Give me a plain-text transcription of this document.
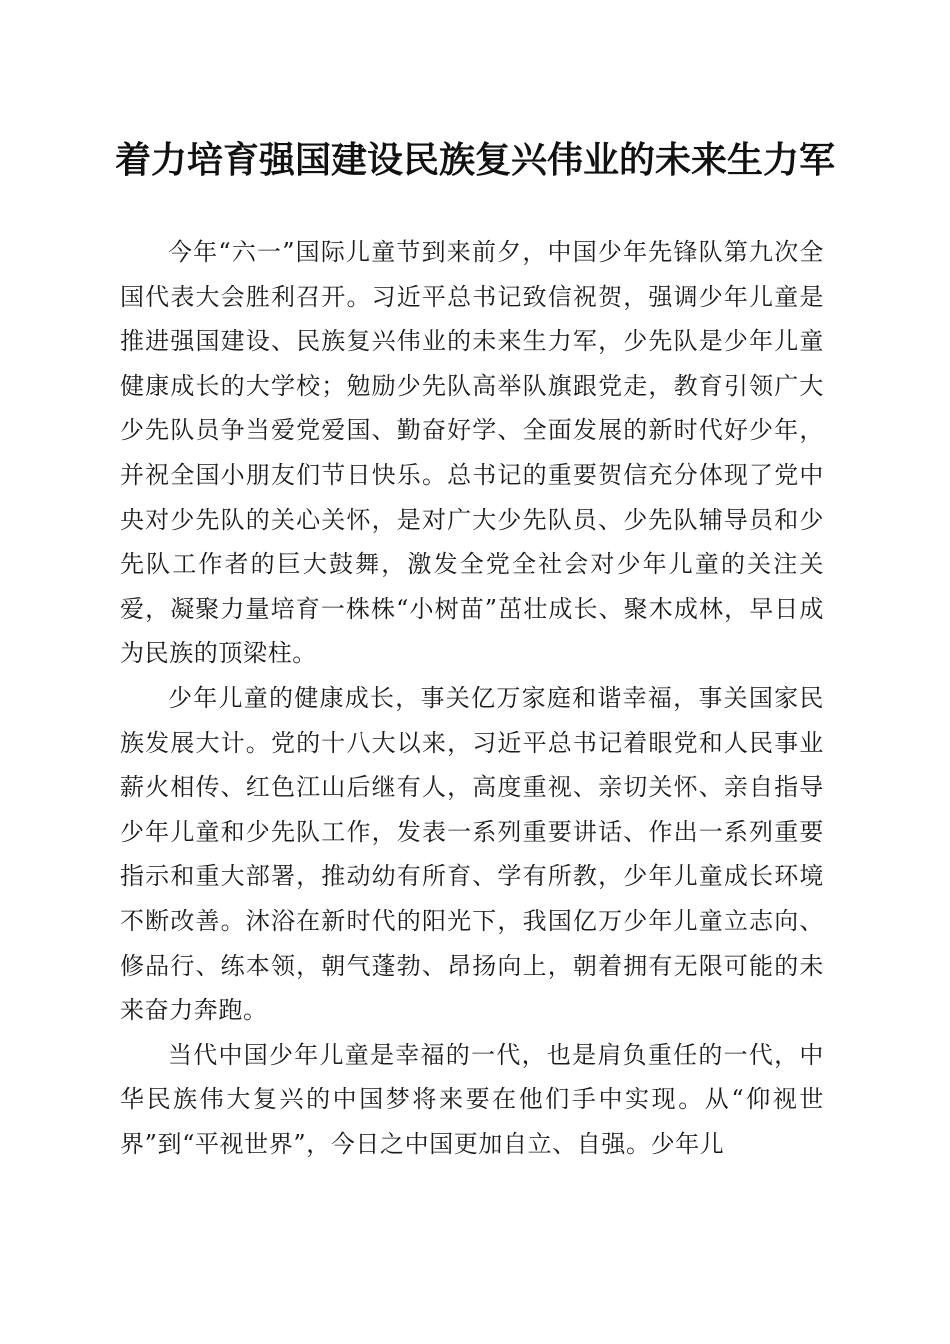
着力培育强国建设民族复兴伟业的未来生力军

今年“六一”国际儿童节到来前夕，中国少年先锋队第九次全国代表大会胜利召开。习近平总书记致信祝贺，强调少年儿童是推进强国建设、民族复兴伟业的未来生力军，少先队是少年儿童健康成长的大学校；勉励少先队高举队旗跟党走，教育引领广大少先队员争当爱党爱国、勤奋好学、全面发展的新时代好少年，并祝全国小朋友们节日快乐。总书记的重要贺信充分体现了党中央对少先队的关心关怀，是对广大少先队员、少先队辅导员和少先队工作者的巨大鼓舞，激发全党全社会对少年儿童的关注关爱，凝聚力量培育一株株“小树苗”茁壮成长、聚木成林，早日成为民族的顶梁柱。

少年儿童的健康成长，事关亿万家庭和谐幸福，事关国家民族发展大计。党的十八大以来，习近平总书记着眼党和人民事业薪火相传、红色江山后继有人，高度重视、亲切关怀、亲自指导少年儿童和少先队工作，发表一系列重要讲话、作出一系列重要指示和重大部署，推动幼有所育、学有所教，少年儿童成长环境不断改善。沐浴在新时代的阳光下，我国亿万少年儿童立志向、修品行、练本领，朝气蓬勃、昂扬向上，朝着拥有无限可能的未来奋力奔跑。

当代中国少年儿童是幸福的一代，也是肩负重任的一代，中华民族伟大复兴的中国梦将来要在他们手中实现。从“仰视世界”到“平视世界”，今日之中国更加自立、自强。少年儿
